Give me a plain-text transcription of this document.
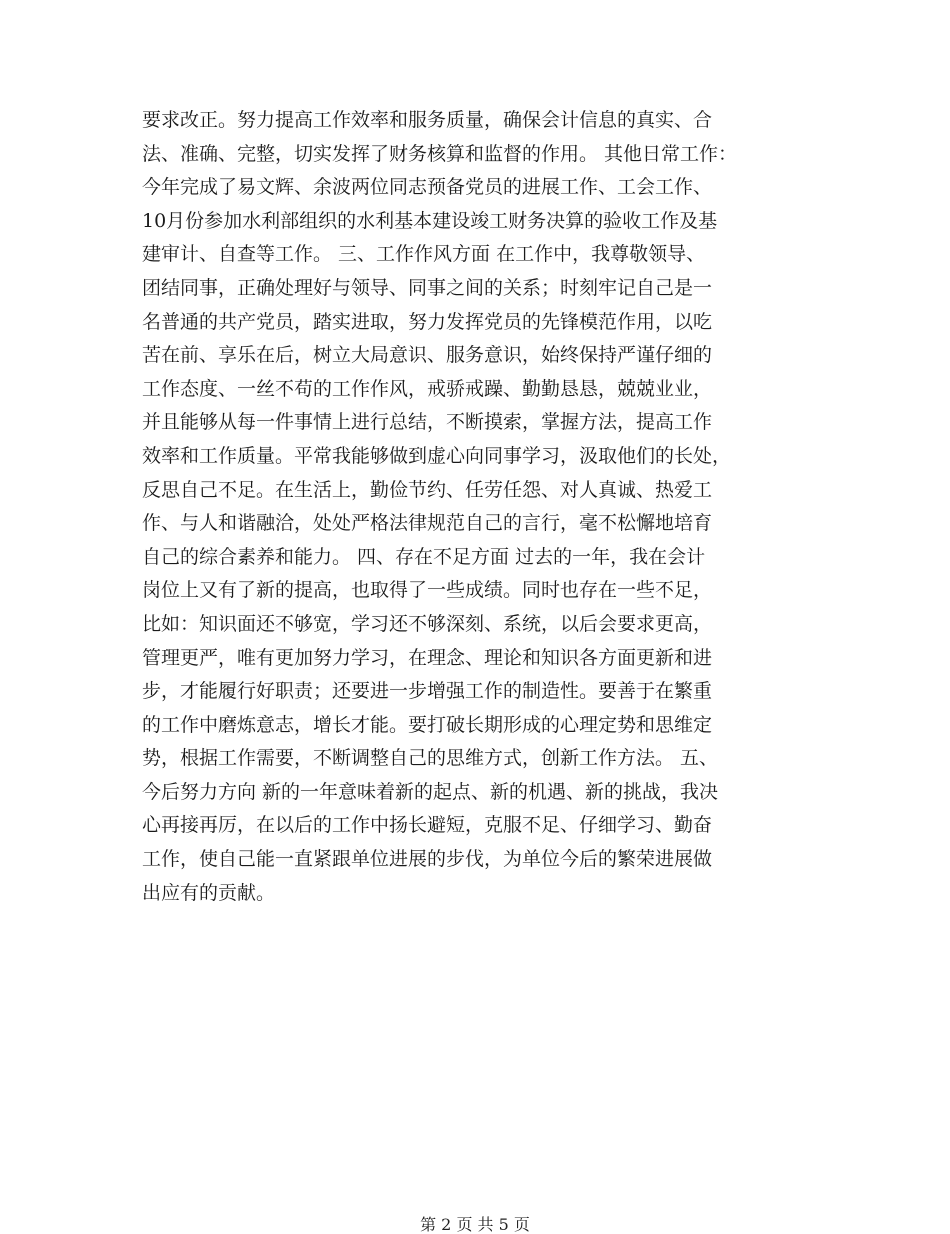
要求改正。努力提高工作效率和服务质量，确保会计信息的真实、合
法、准确、完整，切实发挥了财务核算和监督的作用。 其他日常工作：
今年完成了易文辉、余波两位同志预备党员的进展工作、工会工作、
10月份参加水利部组织的水利基本建设竣工财务决算的验收工作及基
建审计、自查等工作。 三、工作作风方面 在工作中，我尊敬领导、
团结同事，正确处理好与领导、同事之间的关系；时刻牢记自己是一
名普通的共产党员，踏实进取，努力发挥党员的先锋模范作用，以吃
苦在前、享乐在后，树立大局意识、服务意识，始终保持严谨仔细的
工作态度、一丝不苟的工作作风，戒骄戒躁、勤勤恳恳，兢兢业业，
并且能够从每一件事情上进行总结，不断摸索，掌握方法，提高工作
效率和工作质量。平常我能够做到虚心向同事学习，汲取他们的长处，
反思自己不足。在生活上，勤俭节约、任劳任怨、对人真诚、热爱工
作、与人和谐融洽，处处严格法律规范自己的言行，毫不松懈地培育
自己的综合素养和能力。 四、存在不足方面 过去的一年，我在会计
岗位上又有了新的提高，也取得了一些成绩。同时也存在一些不足，
比如：知识面还不够宽，学习还不够深刻、系统，以后会要求更高，
管理更严，唯有更加努力学习，在理念、理论和知识各方面更新和进
步，才能履行好职责；还要进一步增强工作的制造性。要善于在繁重
的工作中磨炼意志，增长才能。要打破长期形成的心理定势和思维定
势，根据工作需要，不断调整自己的思维方式，创新工作方法。 五、
今后努力方向 新的一年意味着新的起点、新的机遇、新的挑战，我决
心再接再厉，在以后的工作中扬长避短，克服不足、仔细学习、勤奋
工作，使自己能一直紧跟单位进展的步伐，为单位今后的繁荣进展做
出应有的贡献。
第 2 页 共 5 页
